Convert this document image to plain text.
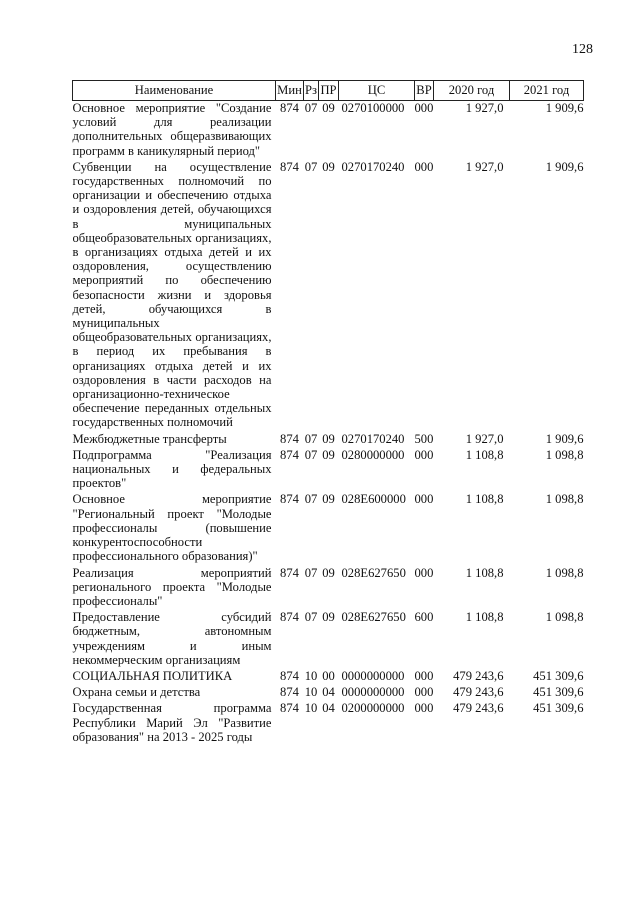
128
Наименование	Мин	Рз	ПР	ЦС	ВР	2020 год	2021 год
Основное мероприятие "Создание условий для реализации дополнительных общеразвивающих программ в каникулярный период"	874	07	09	0270100000	000	1 927,0	1 909,6
Субвенции на осуществление государственных полномочий по организации и обеспечению отдыха и оздоровления детей, обучающихся в муниципальных общеобразовательных организациях, в организациях отдыха детей и их оздоровления, осуществлению мероприятий по обеспечению безопасности жизни и здоровья детей, обучающихся в муниципальных общеобразовательных организациях, в период их пребывания в организациях отдыха детей и их оздоровления в части расходов на организационно-техническое обеспечение переданных отдельных государственных полномочий	874	07	09	0270170240	000	1 927,0	1 909,6
Межбюджетные трансферты	874	07	09	0270170240	500	1 927,0	1 909,6
Подпрограмма "Реализация национальных и федеральных проектов"	874	07	09	0280000000	000	1 108,8	1 098,8
Основное мероприятие "Региональный проект "Молодые профессионалы (повышение конкурентоспособности профессионального образования)"	874	07	09	028Е600000	000	1 108,8	1 098,8
Реализация мероприятий регионального проекта "Молодые профессионалы"	874	07	09	028Е627650	000	1 108,8	1 098,8
Предоставление субсидий бюджетным, автономным учреждениям и иным некоммерческим организациям	874	07	09	028Е627650	600	1 108,8	1 098,8
СОЦИАЛЬНАЯ ПОЛИТИКА	874	10	00	0000000000	000	479 243,6	451 309,6
Охрана семьи и детства	874	10	04	0000000000	000	479 243,6	451 309,6
Государственная программа Республики Марий Эл "Развитие образования" на 2013 - 2025 годы	874	10	04	0200000000	000	479 243,6	451 309,6
